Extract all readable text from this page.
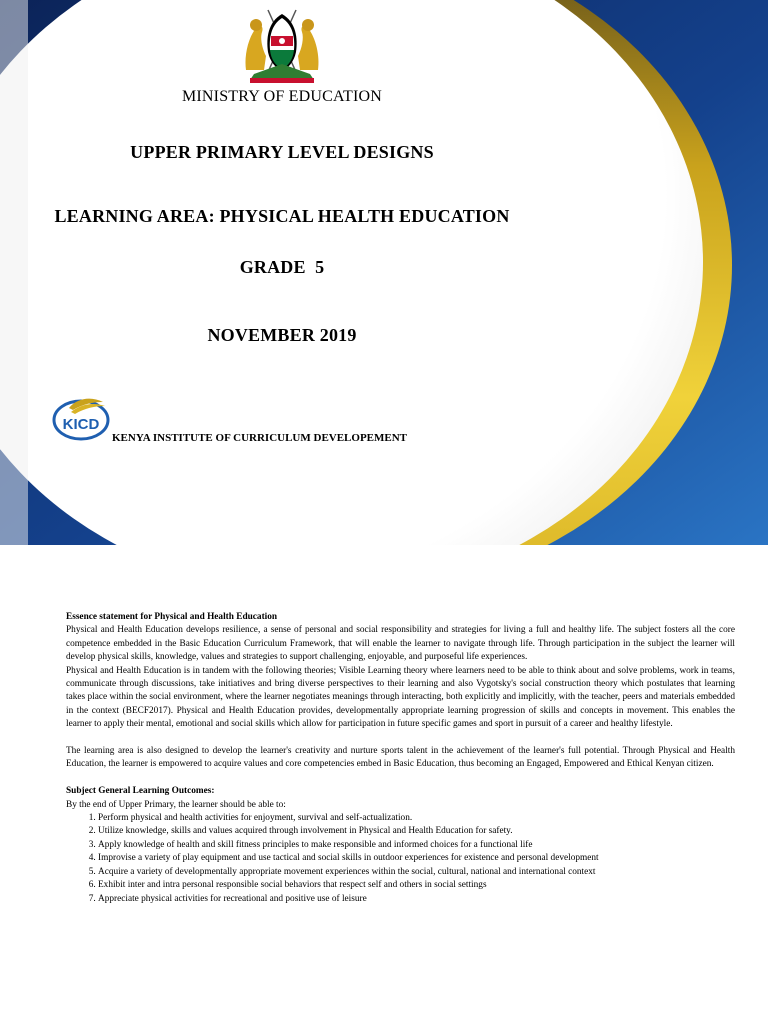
MINISTRY OF EDUCATION
UPPER PRIMARY LEVEL DESIGNS
LEARNING AREA: PHYSICAL HEALTH EDUCATION
GRADE  5
NOVEMBER 2019
KICD
KENYA INSTITUTE OF CURRICULUM DEVELOPEMENT

Essence statement for Physical and Health Education

Physical and Health Education develops resilience, a sense of personal and social responsibility and strategies for living a full and healthy life. The subject fosters all the core competence embedded in the Basic Education Curriculum Framework, that will enable the learner to navigate through life. Through participation in the subject the learner will develop physical skills, knowledge, values and strategies to support challenging, enjoyable, and purposeful life experiences.

Physical and Health Education is in tandem with the following theories; Visible Learning theory where learners need to be able to think about and solve problems, work in teams, communicate through discussions, take initiatives and bring diverse perspectives to their learning and also Vygotsky's social construction theory which postulates that learning takes place within the social environment, where the learner negotiates meanings through interacting, both explicitly and implicitly, with the teacher, peers and materials embedded in the context (BECF2017). Physical and Health Education provides, developmentally appropriate learning progression of skills and concepts in movement. This enables the learner to apply their mental, emotional and social skills which allow for participation in future specific games and sport in pursuit of a career and healthy lifestyle.

The learning area is also designed to develop the learner's creativity and nurture sports talent in the achievement of the learner's full potential. Through Physical and Health Education, the learner is empowered to acquire values and core competencies embed in Basic Education, thus becoming an Engaged, Empowered and Ethical Kenyan citizen.

Subject General Learning Outcomes:

By the end of Upper Primary, the learner should be able to:

1. Perform physical and health activities for enjoyment, survival and self-actualization.
2. Utilize knowledge, skills and values acquired through involvement in Physical and Health Education for safety.
3. Apply knowledge of health and skill fitness principles to make responsible and informed choices for a functional life
4. Improvise a variety of play equipment and use tactical and social skills in outdoor experiences for existence and personal development
5. Acquire a variety of developmentally appropriate movement experiences within the social, cultural, national and international context
6. Exhibit inter and intra personal responsible social behaviors that respect self and others in social settings
7. Appreciate physical activities for recreational and positive use of leisure
